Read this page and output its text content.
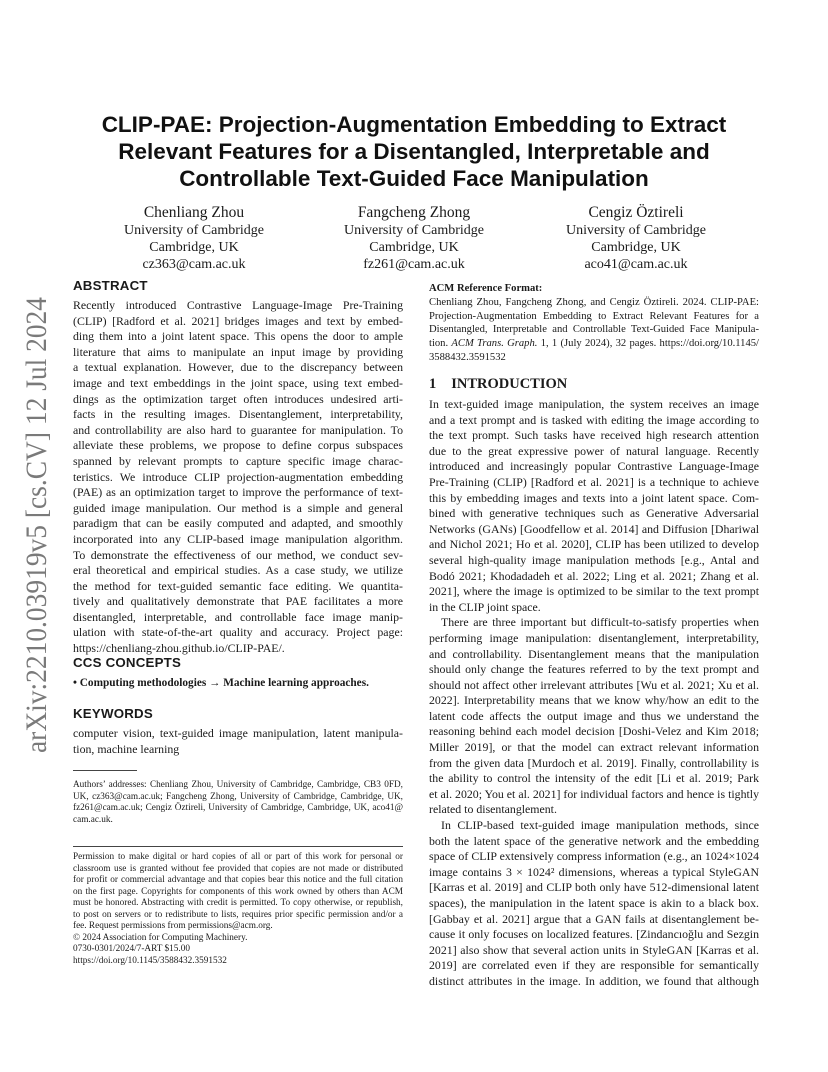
arXiv:2210.03919v5 [cs.CV] 12 Jul 2024
CLIP-PAE: Projection-Augmentation Embedding to Extract
Relevant Features for a Disentangled, Interpretable and
Controllable Text-Guided Face Manipulation
Chenliang Zhou
University of Cambridge
Cambridge, UK
cz363@cam.ac.uk
Fangcheng Zhong
University of Cambridge
Cambridge, UK
fz261@cam.ac.uk
Cengiz Öztireli
University of Cambridge
Cambridge, UK
aco41@cam.ac.uk
ABSTRACT
Recently introduced Contrastive Language-Image Pre-Training
(CLIP) [Radford et al. 2021] bridges images and text by embed-
ding them into a joint latent space. This opens the door to ample
literature that aims to manipulate an input image by providing
a textual explanation. However, due to the discrepancy between
image and text embeddings in the joint space, using text embed-
dings as the optimization target often introduces undesired arti-
facts in the resulting images. Disentanglement, interpretability,
and controllability are also hard to guarantee for manipulation. To
alleviate these problems, we propose to define corpus subspaces
spanned by relevant prompts to capture specific image charac-
teristics. We introduce CLIP projection-augmentation embedding
(PAE) as an optimization target to improve the performance of text-
guided image manipulation. Our method is a simple and general
paradigm that can be easily computed and adapted, and smoothly
incorporated into any CLIP-based image manipulation algorithm.
To demonstrate the effectiveness of our method, we conduct sev-
eral theoretical and empirical studies. As a case study, we utilize
the method for text-guided semantic face editing. We quantita-
tively and qualitatively demonstrate that PAE facilitates a more
disentangled, interpretable, and controllable face image manip-
ulation with state-of-the-art quality and accuracy. Project page:
https://chenliang-zhou.github.io/CLIP-PAE/.
CCS CONCEPTS
• Computing methodologies → Machine learning approaches.
KEYWORDS
computer vision, text-guided image manipulation, latent manipula-
tion, machine learning
Authors’ addresses: Chenliang Zhou, University of Cambridge, Cambridge, CB3 0FD,
UK, cz363@cam.ac.uk; Fangcheng Zhong, University of Cambridge, Cambridge, UK,
fz261@cam.ac.uk; Cengiz Öztireli, University of Cambridge, Cambridge, UK, aco41@
cam.ac.uk.
Permission to make digital or hard copies of all or part of this work for personal or
classroom use is granted without fee provided that copies are not made or distributed
for profit or commercial advantage and that copies bear this notice and the full citation
on the first page. Copyrights for components of this work owned by others than ACM
must be honored. Abstracting with credit is permitted. To copy otherwise, or republish,
to post on servers or to redistribute to lists, requires prior specific permission and/or a
fee. Request permissions from permissions@acm.org.
© 2024 Association for Computing Machinery.
0730-0301/2024/7-ART $15.00
https://doi.org/10.1145/3588432.3591532
ACM Reference Format:
Chenliang Zhou, Fangcheng Zhong, and Cengiz Öztireli. 2024. CLIP-PAE:
Projection-Augmentation Embedding to Extract Relevant Features for a
Disentangled, Interpretable and Controllable Text-Guided Face Manipula-
tion. ACM Trans. Graph. 1, 1 (July 2024), 32 pages. https://doi.org/10.1145/
3588432.3591532
1 INTRODUCTION
In text-guided image manipulation, the system receives an image
and a text prompt and is tasked with editing the image according to
the text prompt. Such tasks have received high research attention
due to the great expressive power of natural language. Recently
introduced and increasingly popular Contrastive Language-Image
Pre-Training (CLIP) [Radford et al. 2021] is a technique to achieve
this by embedding images and texts into a joint latent space. Com-
bined with generative techniques such as Generative Adversarial
Networks (GANs) [Goodfellow et al. 2014] and Diffusion [Dhariwal
and Nichol 2021; Ho et al. 2020], CLIP has been utilized to develop
several high-quality image manipulation methods [e.g., Antal and
Bodó 2021; Khodadadeh et al. 2022; Ling et al. 2021; Zhang et al.
2021], where the image is optimized to be similar to the text prompt
in the CLIP joint space.
There are three important but difficult-to-satisfy properties when
performing image manipulation: disentanglement, interpretability,
and controllability. Disentanglement means that the manipulation
should only change the features referred to by the text prompt and
should not affect other irrelevant attributes [Wu et al. 2021; Xu et al.
2022]. Interpretability means that we know why/how an edit to the
latent code affects the output image and thus we understand the
reasoning behind each model decision [Doshi-Velez and Kim 2018;
Miller 2019], or that the model can extract relevant information
from the given data [Murdoch et al. 2019]. Finally, controllability is
the ability to control the intensity of the edit [Li et al. 2019; Park
et al. 2020; You et al. 2021] for individual factors and hence is tightly
related to disentanglement.
In CLIP-based text-guided image manipulation methods, since
both the latent space of the generative network and the embedding
space of CLIP extensively compress information (e.g., an 1024×1024
image contains 3 × 1024² dimensions, whereas a typical StyleGAN
[Karras et al. 2019] and CLIP both only have 512-dimensional latent
spaces), the manipulation in the latent space is akin to a black box.
[Gabbay et al. 2021] argue that a GAN fails at disentanglement be-
cause it only focuses on localized features. [Zindancıoğlu and Sezgin
2021] also show that several action units in StyleGAN [Karras et al.
2019] are correlated even if they are responsible for semantically
distinct attributes in the image. In addition, we found that although
